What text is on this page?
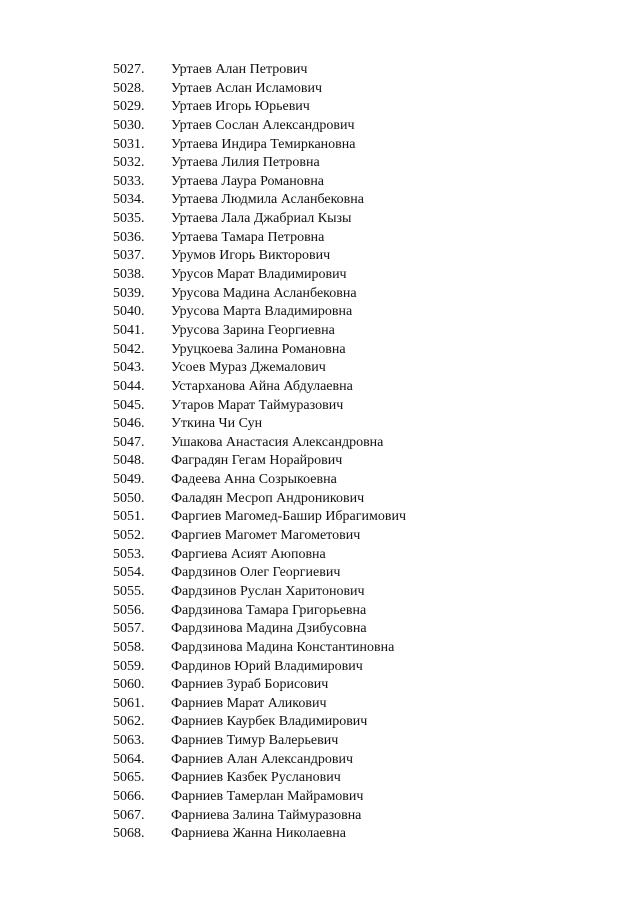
5027.	Уртаев Алан Петрович
5028.	Уртаев Аслан Исламович
5029.	Уртаев Игорь Юрьевич
5030.	Уртаев Сослан Александрович
5031.	Уртаева Индира Темиркановна
5032.	Уртаева Лилия Петровна
5033.	Уртаева Лаура Романовна
5034.	Уртаева Людмила Асланбековна
5035.	Уртаева Лала Джабриал Кызы
5036.	Уртаева Тамара Петровна
5037.	Урумов Игорь Викторович
5038.	Урусов Марат Владимирович
5039.	Урусова Мадина Асланбековна
5040.	Урусова Марта Владимировна
5041.	Урусова Зарина Георгиевна
5042.	Уруцкоева Залина Романовна
5043.	Усоев Мураз Джемалович
5044.	Устарханова Айна Абдулаевна
5045.	Утаров Марат Таймуразович
5046.	Уткина Чи Сун
5047.	Ушакова Анастасия Александровна
5048.	Фаградян Гегам Норайрович
5049.	Фадеева Анна Созрыкоевна
5050.	Фаладян Месроп Андроникович
5051.	Фаргиев Магомед-Башир Ибрагимович
5052.	Фаргиев Магомет Магометович
5053.	Фаргиева Асият Аюповна
5054.	Фардзинов Олег Георгиевич
5055.	Фардзинов Руслан Харитонович
5056.	Фардзинова Тамара Григорьевна
5057.	Фардзинова Мадина Дзибусовна
5058.	Фардзинова Мадина Константиновна
5059.	Фардинов Юрий Владимирович
5060.	Фарниев Зураб Борисович
5061.	Фарниев Марат Аликович
5062.	Фарниев Каурбек Владимирович
5063.	Фарниев Тимур Валерьевич
5064.	Фарниев Алан Александрович
5065.	Фарниев Казбек Русланович
5066.	Фарниев Тамерлан Майрамович
5067.	Фарниева Залина Таймуразовна
5068.	Фарниева Жанна Николаевна
